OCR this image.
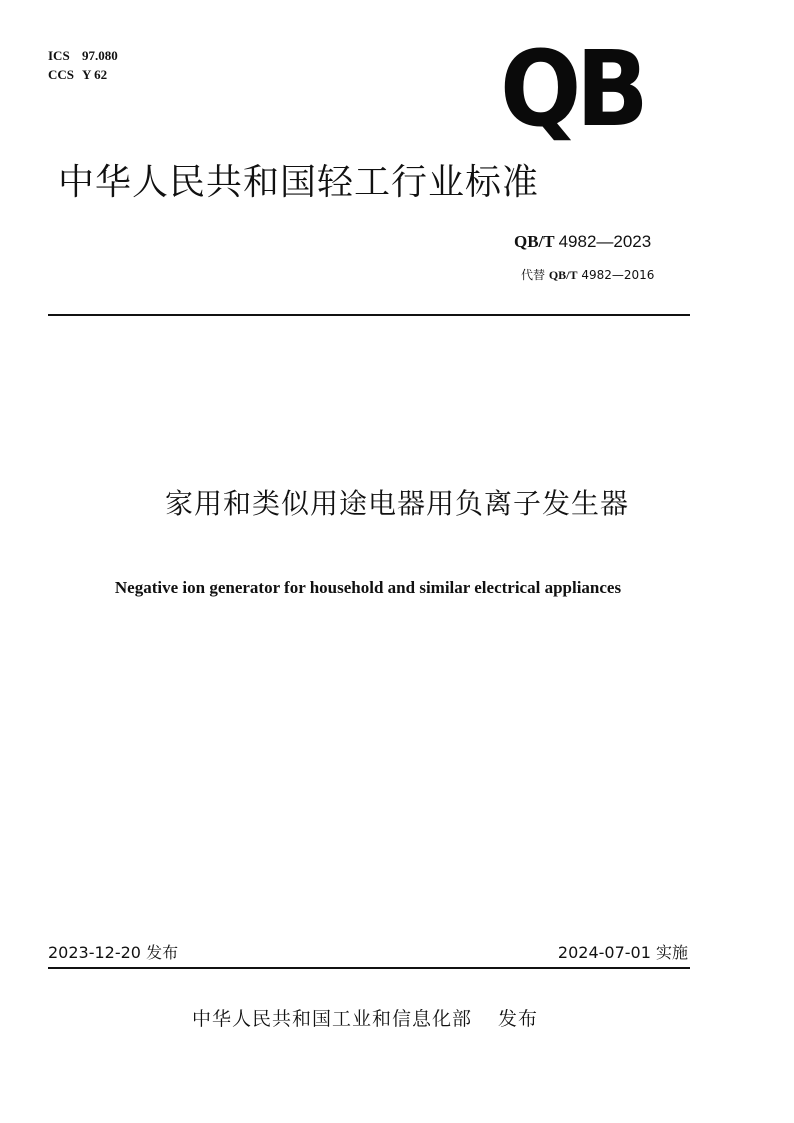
ICS 97.080
CCS Y 62	QB
中华人民共和国轻工行业标准
QB/T 4982—2023
代替 QB/T 4982—2016
家用和类似用途电器用负离子发生器
Negative ion generator for household and similar electrical appliances
2023-12-20 发布	2024-07-01 实施
中华人民共和国工业和信息化部 发布
